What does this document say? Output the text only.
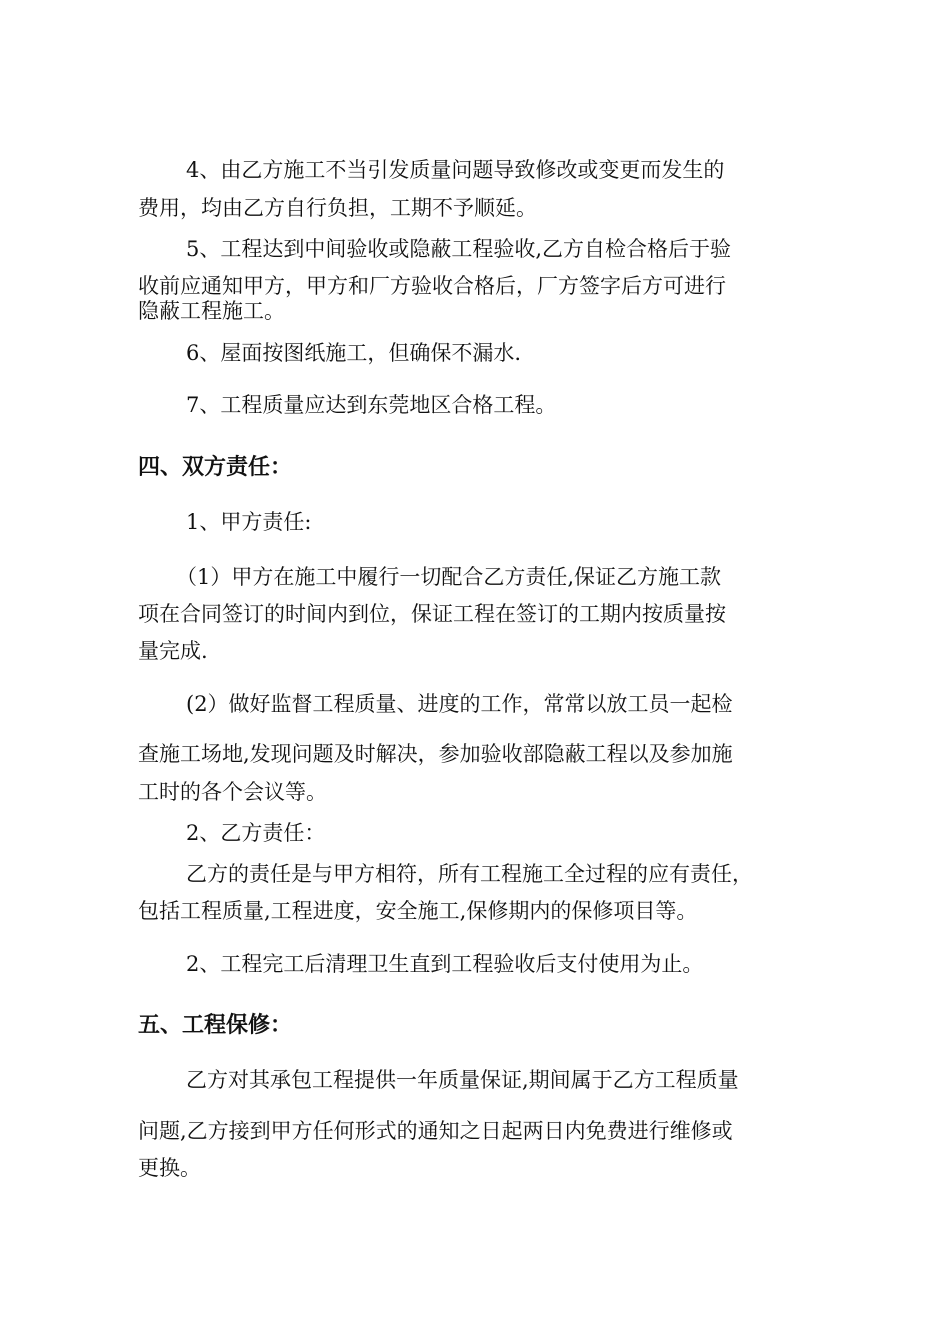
4、由乙方施工不当引发质量问题导致修改或变更而发生的
费用，均由乙方自行负担，工期不予顺延。
5、工程达到中间验收或隐蔽工程验收,乙方自检合格后于验
收前应通知甲方，甲方和厂方验收合格后，厂方签字后方可进行
隐蔽工程施工。
6、屋面按图纸施工，但确保不漏水.
7、工程质量应达到东莞地区合格工程。
四、双方责任：
1、甲方责任:
（1）甲方在施工中履行一切配合乙方责任,保证乙方施工款
项在合同签订的时间内到位，保证工程在签订的工期内按质量按
量完成.
(2）做好监督工程质量、进度的工作，常常以放工员一起检
查施工场地,发现问题及时解决，参加验收部隐蔽工程以及参加施
工时的各个会议等。
2、乙方责任：
乙方的责任是与甲方相符，所有工程施工全过程的应有责任，
包括工程质量,工程进度，安全施工,保修期内的保修项目等。
2、工程完工后清理卫生直到工程验收后支付使用为止。
五、工程保修：
乙方对其承包工程提供一年质量保证,期间属于乙方工程质量
问题,乙方接到甲方任何形式的通知之日起两日内免费进行维修或
更换。
